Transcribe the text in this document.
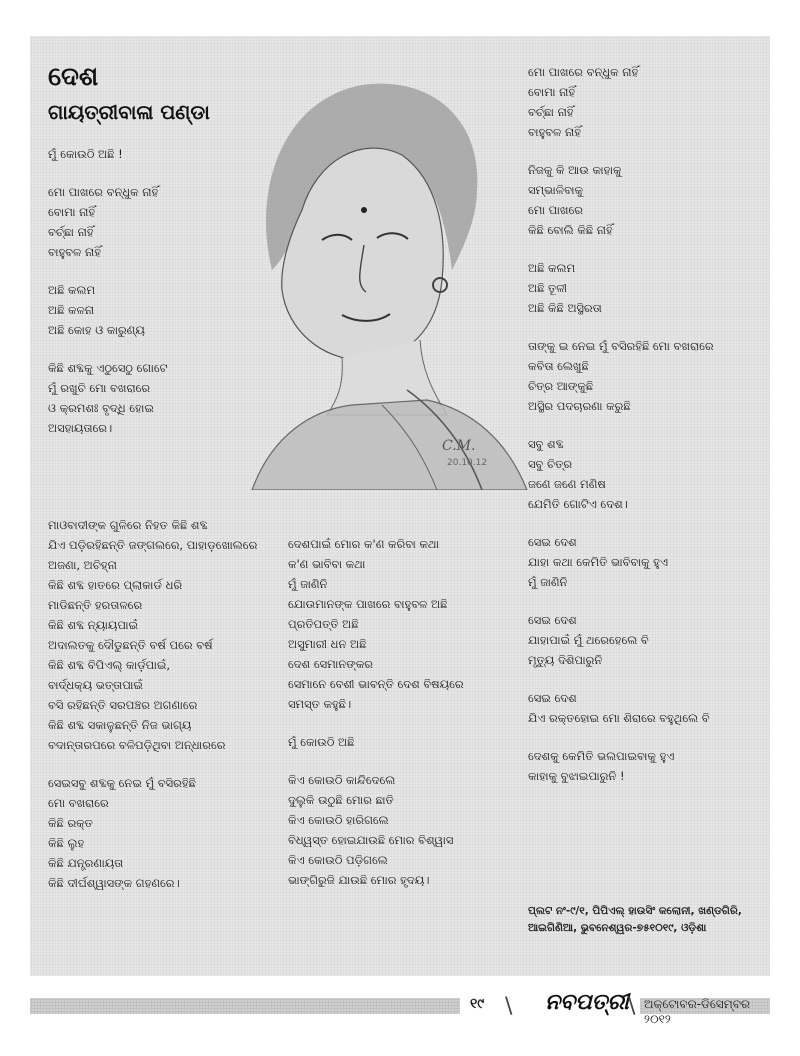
ଦେଶ
ଗାୟତ୍ରୀବାଳା ପଣ୍ଡା
C.M.
20.10.12
ମୁଁ କୋଉଠି ଅଛି !
ମୋ ପାଖରେ ବନ୍ଧୁକ ନାହିଁ
ବୋମା ନାହିଁ
ବର୍ଚ୍ଛା ନାହିଁ
ବାହୁବଳ ନାହିଁ
ଅଛି କଲମ
ଅଛି କଳନା
ଅଛି କୋହ ଓ କାରୁଣ୍ୟ
କିଛି ଶବ୍ଦକୁ ଏଠୁସେଠୁ ଗୋଟେ
ମୁଁ ରଖୁଚି ମୋ ବଖରାରେ
ଓ କ୍ରମଶଃ ବୃଦ୍ଧି ହୋଇ
ଅସହାୟତାରେ।
ମାଓବାଦୀଙ୍କ ଗୁଳିରେ ନିହତ କିଛି ଶବ୍ଦ
ଯିଏ ପଡ଼ିରହିଛନ୍ତି ଜଙ୍ଗଲରେ, ପାହାଡ଼ଖୋଲରେ
ଅଜଣା, ଅଚିହ୍ନା
କିଛି ଶବ୍ଦ ହାତରେ ପ୍ଲାକାର୍ଡ ଧରି
ମାଡିଛନ୍ତି ହରତାଳରେ
କିଛି ଶବ୍ଦ ନ୍ୟାୟପାଇଁ
ଅଦାଲତକୁ ଦୌଡୁଛନ୍ତି ବର୍ଷ ପରେ ବର୍ଷ
କିଛି ଶବ୍ଦ ବିପିଏଲ୍ କାର୍ଡ଼ପାଇଁ,
ବାର୍ଦ୍ଧକ୍ୟ ଭତ୍ତାପାଇଁ
ବସି ରହିଛନ୍ତି ସରପଞ୍ଚର ଅଗଣାରେ
କିଛି ଶବ୍ଦ ସକାଳୁଛନ୍ତି ନିଜ ଭାଗ୍ୟ
ବଦାନ୍ତାରପରେ ବଳିପଡ଼ିଥିବା ଅନ୍ଧାରରେ
ସେଇସବୁ ଶବ୍ଦକୁ ନେଇ ମୁଁ ବସିରହିଛି
ମୋ ବଖରାରେ
କିଛି ରକ୍ତ
କିଛି ଲୁହ
କିଛି ଯନ୍ତ୍ରଣାୟତା
କିଛି ଦୀର୍ଘଶ୍ୱାସଙ୍କ ଗହଣରେ।
ଦେଶପାଇଁ ମୋର କ'ଣ କରିବା କଥା
କ'ଣ ଭାବିବା କଥା
ମୁଁ ଜାଣିନି
ଯୋଉମାନଙ୍କ ପାଖରେ ବାହୁବଳ ଅଛି
ପ୍ରତିପତ୍ତି ଅଛି
ଅସୁମାରୀ ଧନ ଅଛି
ଦେଶ ସେମାନଙ୍କର
ସେମାନେ ବେଶୀ ଭାବନ୍ତି ଦେଶ ବିଷୟରେ
ସମସ୍ତ କହୁଛି।
ମୁଁ କୋଉଠି ଅଛି
କିଏ କୋଉଠି କାନ୍ଦିଦେଲେ
ଦୁଲୁକି ଉଠୁଛି ମୋର ଛାତି
କିଏ କୋଉଠି ହାରିଗଲେ
ବିଧ୍ୱସ୍ତ ହୋଇଯାଉଛି ମୋର ବିଶ୍ୱାସ
କିଏ କୋଉଠି ପଡ଼ିଗଲେ
ଭାଙ୍ଗିରୁଜି ଯାଉଛି ମୋର ହୃଦୟ।
ମୋ ପାଖରେ ବନ୍ଧୁକ ନାହିଁ
ବୋମା ନାହିଁ
ବର୍ଚ୍ଛା ନାହିଁ
ବାହୁବଳ ନାହିଁ
ନିଜକୁ କି ଆଉ କାହାକୁ
ସମ୍ଭାଳିବାକୁ
ମୋ ପାଖରେ
କିଛି ବୋଲି କିଛି ନାହିଁ
ଅଛି କଲମ
ଅଛି ତୂଳୀ
ଅଛି କିଛି ଅସ୍ଥିରତା
ତାଙ୍କୁ ଇ ନେଇ ମୁଁ ବସିରହିଛି ମୋ ବଖରାରେ
କବିତା ଲେଖୁଛି
ଚିତ୍ର ଆଙ୍କୁଛି
ଅସ୍ଥିର ପଦଚାରଣା କରୁଛି
ସବୁ ଶବ୍ଦ
ସବୁ ଚିତ୍ର
ଜଣେ ଜଣେ ମଣିଷ
ଯେମିତି ଗୋଟିଏ ଦେଶ।
ସେଇ ଦେଶ
ଯାହା କଥା କେମିତି ଭାବିବାକୁ ହୁଏ
ମୁଁ ଜାଣିନି
ସେଇ ଦେଶ
ଯାହାପାଇଁ ମୁଁ ଥରେହେଲେ ବି
ମୃତ୍ୟୁ ଦିଶିପାରୁନି
ସେଇ ଦେଶ
ଯିଏ ରକ୍ତହୋଇ ମୋ ଶିରାରେ ବହୁଥିଲେ ବି
ଦେଶକୁ କେମିତି ଭଲପାଇବାକୁ ହୁଏ
କାହାକୁ ବୁଝାଇପାରୁନି !
ପ୍ଲଟ ନଂ-୯/୧, ପିପିଏଲ୍ ହାଉସିଂ କଲୋନୀ, ଖଣ୍ଡଗିରି,
ଆଇଗିଣିଆ, ଭୁବନେଶ୍ୱର-୭୫୧୦୧୯, ଓଡ଼ିଶା
୧୯ \ ନବପତ୍ରୀ \ ଅକ୍ଟୋବର-ଡିସେମ୍ବର ୨୦୧୨
